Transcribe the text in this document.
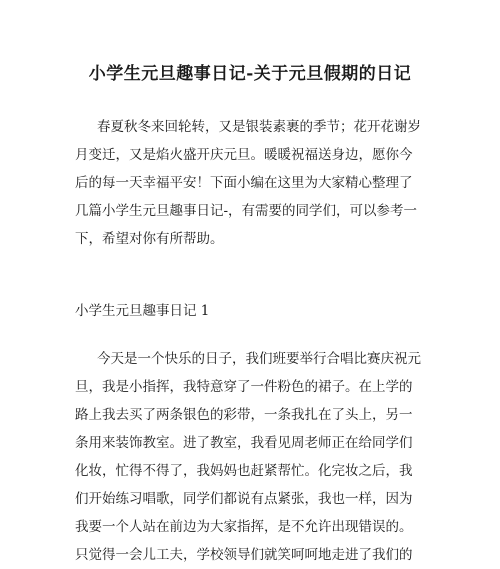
小学生元旦趣事日记-关于元旦假期的日记
春夏秋冬来回轮转，又是银装素裹的季节；花开花谢岁
月变迁，又是焰火盛开庆元旦。暖暖祝福送身边，愿你今
后的每一天幸福平安！下面小编在这里为大家精心整理了
几篇小学生元旦趣事日记-，有需要的同学们，可以参考一
下，希望对你有所帮助。
小学生元旦趣事日记 1
今天是一个快乐的日子，我们班要举行合唱比赛庆祝元
旦，我是小指挥，我特意穿了一件粉色的裙子。在上学的
路上我去买了两条银色的彩带，一条我扎在了头上，另一
条用来装饰教室。进了教室，我看见周老师正在给同学们
化妆，忙得不得了，我妈妈也赶紧帮忙。化完妆之后，我
们开始练习唱歌，同学们都说有点紧张，我也一样，因为
我要一个人站在前边为大家指挥，是不允许出现错误的。
只觉得一会儿工夫，学校领导们就笑呵呵地走进了我们的
